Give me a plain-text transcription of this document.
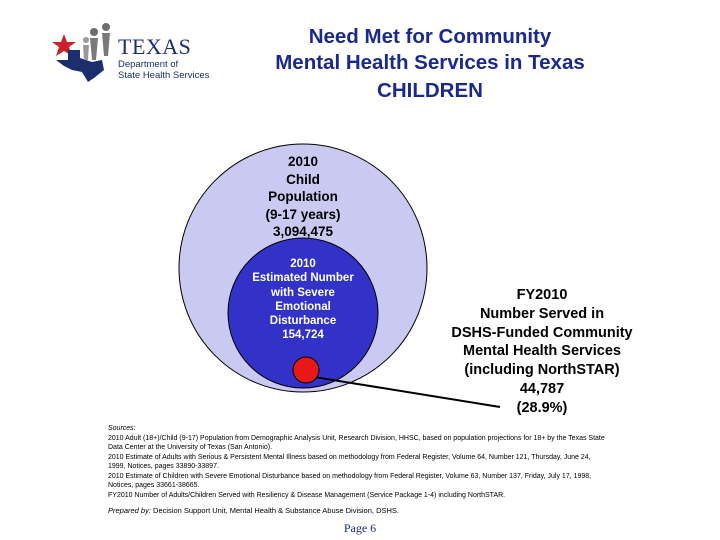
TEXAS
Department of
State Health Services
Need Met for Community
Mental Health Services in Texas
CHILDREN
2010
Child
Population
(9-17 years)
3,094,475
2010
Estimated Number
with Severe
Emotional
Disturbance
154,724
FY2010
Number Served in
DSHS-Funded Community
Mental Health Services
(including NorthSTAR)
44,787
(28.9%)
Sources:
2010 Adult (18+)/Child (9-17) Population from Demographic Analysis Unit, Research Division, HHSC, based on population projections for 18+ by the Texas State Data Center at the University of Texas (San Antonio).
2010 Estimate of Adults with Serious & Persistent Mental Illness based on methodology from Federal Register, Volume 64, Number 121, Thursday, June 24, 1999, Notices, pages 33890-33897.
2010 Estimate of Children with Severe Emotional Disturbance based on methodology from Federal Register, Volume 63, Number 137, Friday, July 17, 1998, Notices, pages 33661-38665.
FY2010 Number of Adults/Children Served with Resiliency & Disease Management (Service Package 1-4) including NorthSTAR.
Prepared by: Decision Support Unit, Mental Health & Substance Abuse Division, DSHS.
Page 6
